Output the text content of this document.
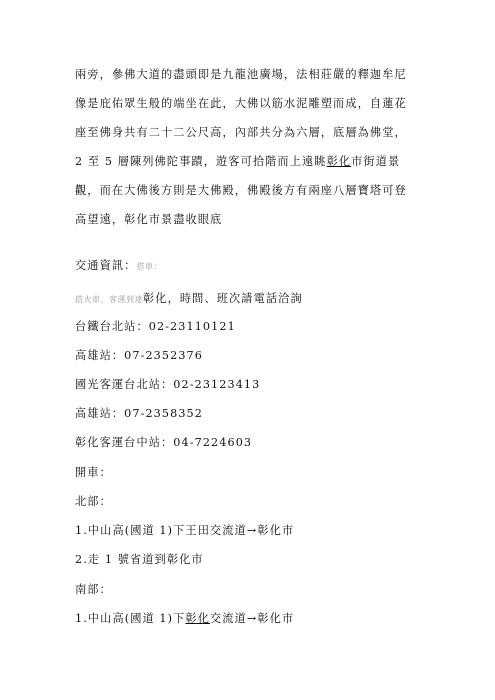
兩旁，參佛大道的盡頭即是九龍池廣場，法相莊嚴的釋迦牟尼
像是庇佑眾生般的端坐在此，大佛以筋水泥雕塑而成，自蓮花
座至佛身共有二十二公尺高，內部共分為六層，底層為佛堂，
2 至 5 層陳列佛陀事蹟，遊客可拾階而上遠眺彰化市街道景
觀，而在大佛後方則是大佛殿，佛殿後方有兩座八層寶塔可登
高望遠，彰化市景盡收眼底
交通資訊：搭車：
搭火車、客運到達彰化，時間、班次請電話洽詢
台鐵台北站：02-23110121
高雄站：07-2352376
國光客運台北站：02-23123413
高雄站：07-2358352
彰化客運台中站：04-7224603
開車：
北部：
1.中山高(國道 1)下王田交流道→彰化市
2.走 1 號省道到彰化市
南部：
1.中山高(國道 1)下彰化交流道→彰化市
